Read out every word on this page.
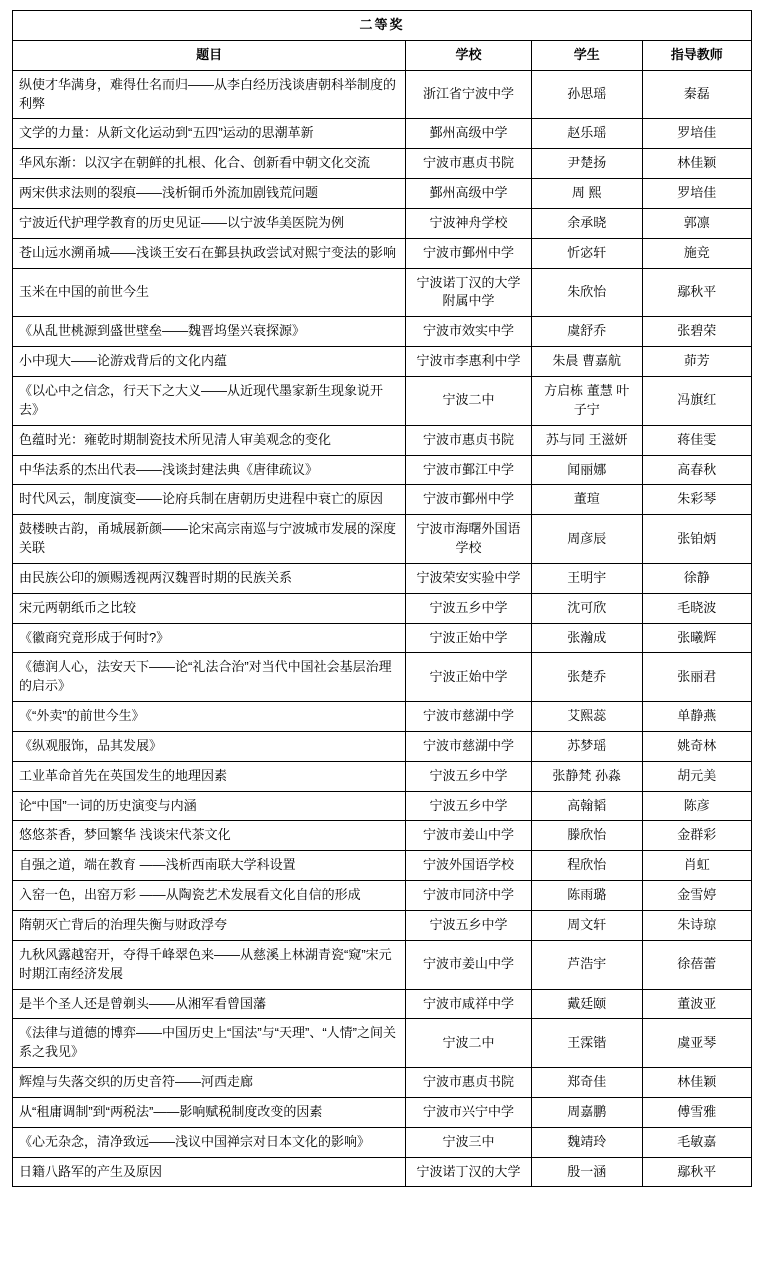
二等奖			
题目	学校	学生	指导教师
纵使才华满身，难得仕名而归——从李白经历浅谈唐朝科举制度的利弊	浙江省宁波中学	孙思瑶	秦磊
文学的力量：从新文化运动到“五四”运动的思潮革新	鄞州高级中学	赵乐瑶	罗培佳
华风东渐：以汉字在朝鲜的扎根、化合、创新看中朝文化交流	宁波市惠贞书院	尹楚扬	林佳颖
两宋供求法则的裂痕——浅析铜币外流加剧钱荒问题	鄞州高级中学	周 熙	罗培佳
宁波近代护理学教育的历史见证——以宁波华美医院为例	宁波神舟学校	余承晓	郭凛
苍山远水溯甬城——浅谈王安石在鄞县执政尝试对熙宁变法的影响	宁波市鄞州中学	忻宓轩	施竞
玉米在中国的前世今生	宁波诺丁汉的大学附属中学	朱欣怡	鄢秋平
《从乱世桃源到盛世壁垒——魏晋坞堡兴衰探源》	宁波市效实中学	虞舒乔	张碧荣
小中现大——论游戏背后的文化内蕴	宁波市李惠利中学	朱晨 曹嘉航	茆芳
《以心中之信念，行天下之大义——从近现代墨家新生现象说开去》	宁波二中	方启栋 董慧 叶子宁	冯旗红
色蕴时光：雍乾时期制瓷技术所见清人审美观念的变化	宁波市惠贞书院	苏与同 王滋妍	蒋佳雯
中华法系的杰出代表——浅谈封建法典《唐律疏议》	宁波市鄞江中学	闻丽娜	高春秋
时代风云，制度演变——论府兵制在唐朝历史进程中衰亡的原因	宁波市鄞州中学	董瑄	朱彩琴
鼓楼映古韵，甬城展新颜——论宋高宗南巡与宁波城市发展的深度关联	宁波市海曙外国语学校	周彦辰	张铂炳
由民族公印的颁赐透视两汉魏晋时期的民族关系	宁波荣安实验中学	王明宇	徐静
宋元两朝纸币之比较	宁波五乡中学	沈可欣	毛晓波
《徽商究竟形成于何时?》	宁波正始中学	张瀚成	张曦辉
《德润人心，法安天下——论“礼法合治”对当代中国社会基层治理的启示》	宁波正始中学	张楚乔	张丽君
《“外卖”的前世今生》	宁波市慈湖中学	艾熙蕊	单静燕
《纵观服饰，品其发展》	宁波市慈湖中学	苏梦瑶	姚奇林
工业革命首先在英国发生的地理因素	宁波五乡中学	张静梵 孙淼	胡元美
论“中国”一词的历史演变与内涵	宁波五乡中学	高翰韬	陈彦
悠悠茶香，梦回繁华 浅谈宋代茶文化	宁波市姜山中学	滕欣怡	金群彩
自强之道，端在教育 ——浅析西南联大学科设置	宁波外国语学校	程欣怡	肖虹
入窑一色，出窑万彩 ——从陶瓷艺术发展看文化自信的形成	宁波市同济中学	陈雨璐	金雪婷
隋朝灭亡背后的治理失衡与财政浮夸	宁波五乡中学	周文轩	朱诗琼
九秋风露越窑开，夺得千峰翠色来——从慈溪上林湖青瓷“窥”宋元时期江南经济发展	宁波市姜山中学	芦浩宇	徐蓓蕾
是半个圣人还是曾剃头——从湘军看曾国藩	宁波市咸祥中学	戴廷颐	董波亚
《法律与道德的博弈——中国历史上“国法”与“天理”、“人情”之间关系之我见》	宁波二中	王霂锴	虞亚琴
辉煌与失落交织的历史音符——河西走廊	宁波市惠贞书院	郑奇佳	林佳颖
从“租庸调制”到“两税法”——影响赋税制度改变的因素	宁波市兴宁中学	周嘉鹏	傅雪雅
《心无杂念，清净致远——浅议中国禅宗对日本文化的影响》	宁波三中	魏靖玲	毛敏嘉
日籍八路军的产生及原因	宁波诺丁汉的大学	殷一涵	鄢秋平
